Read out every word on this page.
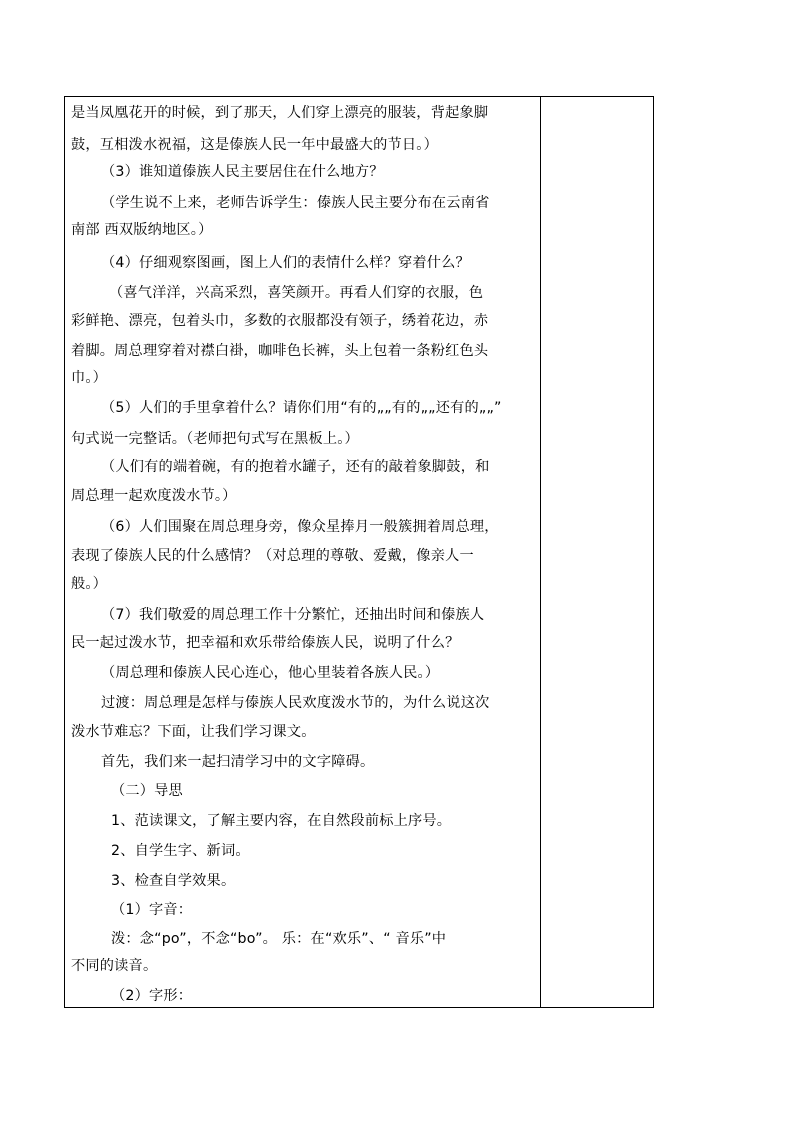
是当凤凰花开的时候，到了那天，人们穿上漂亮的服装，背起象脚
鼓，互相泼水祝福，这是傣族人民一年中最盛大的节日。）
（3）谁知道傣族人民主要居住在什么地方？
（学生说不上来，老师告诉学生：傣族人民主要分布在云南省
南部 西双版纳地区。）
（4）仔细观察图画，图上人们的表情什么样？穿着什么？
（喜气洋洋，兴高采烈，喜笑颜开。再看人们穿的衣服，色
彩鲜艳、漂亮，包着头巾，多数的衣服都没有领子，绣着花边，赤
着脚。周总理穿着对襟白褂，咖啡色长裤，头上包着一条粉红色头
巾。）
（5）人们的手里拿着什么？请你们用“有的„„有的„„还有的„„”
句式说一完整话。（老师把句式写在黑板上。）
（人们有的端着碗，有的抱着水罐子，还有的敲着象脚鼓，和
周总理一起欢度泼水节。）
（6）人们围聚在周总理身旁，像众星捧月一般簇拥着周总理，
表现了傣族人民的什么感情？（对总理的尊敬、爱戴，像亲人一
般。）
（7）我们敬爱的周总理工作十分繁忙，还抽出时间和傣族人
民一起过泼水节，把幸福和欢乐带给傣族人民，说明了什么？
（周总理和傣族人民心连心，他心里装着各族人民。）
过渡：周总理是怎样与傣族人民欢度泼水节的，为什么说这次
泼水节难忘？下面，让我们学习课文。
首先，我们来一起扫清学习中的文字障碍。
（二）导思
1、范读课文，了解主要内容，在自然段前标上序号。
2、自学生字、新词。
3、检查自学效果。
（1）字音：
泼：念“po”，不念“bo”。 乐：在“欢乐”、“ 音乐”中
不同的读音。
（2）字形：
